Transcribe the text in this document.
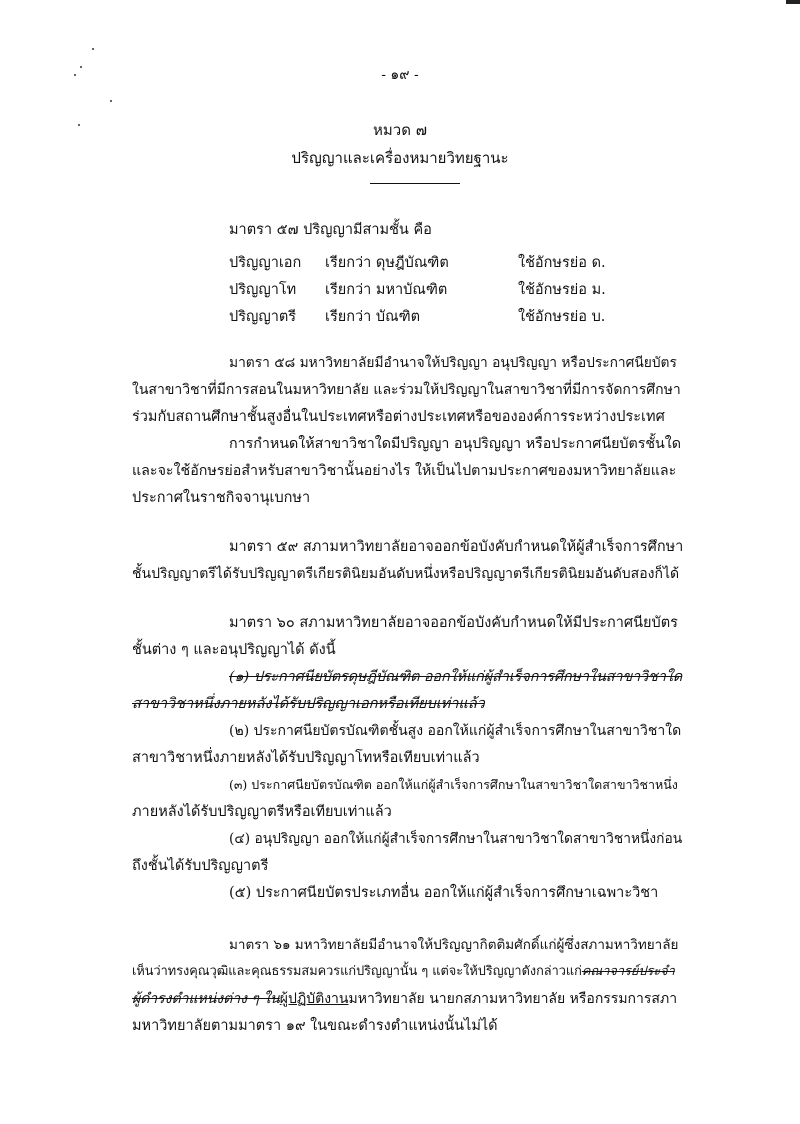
- ๑๙ -
หมวด ๗
ปริญญาและเครื่องหมายวิทยฐานะ
มาตรา ๕๗ ปริญญามีสามชั้น คือ
ปริญญาเอก เรียกว่า ดุษฎีบัณฑิต	ใช้อักษรย่อ ด.
ปริญญาโท เรียกว่า มหาบัณฑิต	ใช้อักษรย่อ ม.
ปริญญาตรี เรียกว่า บัณฑิต	ใช้อักษรย่อ บ.
มาตรา ๕๘ มหาวิทยาลัยมีอำนาจให้ปริญญา อนุปริญญา หรือประกาศนียบัตร
ในสาขาวิชาที่มีการสอนในมหาวิทยาลัย และร่วมให้ปริญญาในสาขาวิชาที่มีการจัดการศึกษา
ร่วมกับสถานศึกษาชั้นสูงอื่นในประเทศหรือต่างประเทศหรือขององค์การระหว่างประเทศ
การกำหนดให้สาขาวิชาใดมีปริญญา อนุปริญญา หรือประกาศนียบัตรชั้นใด
และจะใช้อักษรย่อสำหรับสาขาวิชานั้นอย่างไร ให้เป็นไปตามประกาศของมหาวิทยาลัยและ
ประกาศในราชกิจจานุเบกษา
มาตรา ๕๙ สภามหาวิทยาลัยอาจออกข้อบังคับกำหนดให้ผู้สำเร็จการศึกษา
ชั้นปริญญาตรีได้รับปริญญาตรีเกียรตินิยมอันดับหนึ่งหรือปริญญาตรีเกียรตินิยมอันดับสองก็ได้
มาตรา ๖๐ สภามหาวิทยาลัยอาจออกข้อบังคับกำหนดให้มีประกาศนียบัตร
ชั้นต่าง ๆ และอนุปริญญาได้ ดังนี้
(๑) ประกาศนียบัตรดุษฎีบัณฑิต ออกให้แก่ผู้สำเร็จการศึกษาในสาขาวิชาใด
สาขาวิชาหนึ่งภายหลังได้รับปริญญาเอกหรือเทียบเท่าแล้ว
(๒) ประกาศนียบัตรบัณฑิตชั้นสูง ออกให้แก่ผู้สำเร็จการศึกษาในสาขาวิชาใด
สาขาวิชาหนึ่งภายหลังได้รับปริญญาโทหรือเทียบเท่าแล้ว
(๓) ประกาศนียบัตรบัณฑิต ออกให้แก่ผู้สำเร็จการศึกษาในสาขาวิชาใดสาขาวิชาหนึ่ง
ภายหลังได้รับปริญญาตรีหรือเทียบเท่าแล้ว
(๔) อนุปริญญา ออกให้แก่ผู้สำเร็จการศึกษาในสาขาวิชาใดสาขาวิชาหนึ่งก่อน
ถึงชั้นได้รับปริญญาตรี
(๕) ประกาศนียบัตรประเภทอื่น ออกให้แก่ผู้สำเร็จการศึกษาเฉพาะวิชา
มาตรา ๖๑ มหาวิทยาลัยมีอำนาจให้ปริญญากิตติมศักดิ์แก่ผู้ซึ่งสภามหาวิทยาลัย
เห็นว่าทรงคุณวุฒิและคุณธรรมสมควรแก่ปริญญานั้น ๆ แต่จะให้ปริญญาดังกล่าวแก่คณาจารย์ประจำ
ผู้ดำรงตำแหน่งต่าง ๆ ในผู้ปฏิบัติงานมหาวิทยาลัย นายกสภามหาวิทยาลัย หรือกรรมการสภา
มหาวิทยาลัยตามมาตรา ๑๙ ในขณะดำรงตำแหน่งนั้นไม่ได้
